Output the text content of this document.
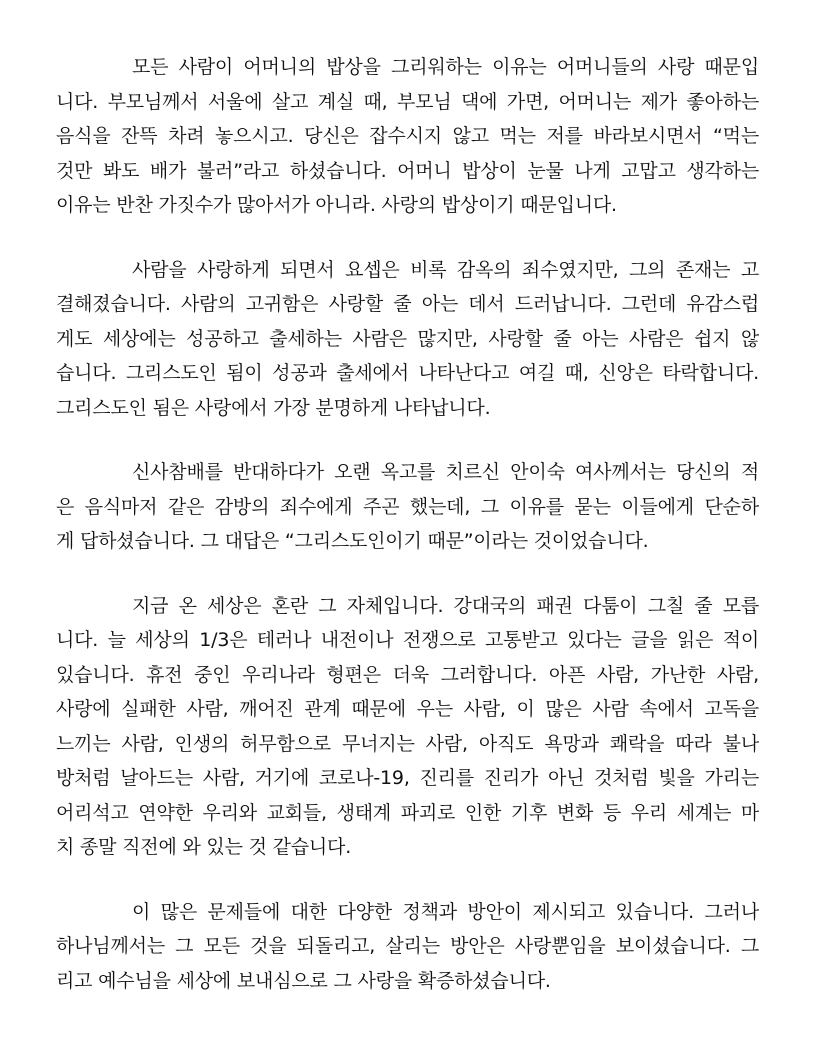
모든 사람이 어머니의 밥상을 그리워하는 이유는 어머니들의 사랑 때문입
니다. 부모님께서 서울에 살고 계실 때, 부모님 댁에 가면, 어머니는 제가 좋아하는
음식을 잔뜩 차려 놓으시고. 당신은 잡수시지 않고 먹는 저를 바라보시면서 “먹는
것만 봐도 배가 불러”라고 하셨습니다. 어머니 밥상이 눈물 나게 고맙고 생각하는
이유는 반찬 가짓수가 많아서가 아니라. 사랑의 밥상이기 때문입니다.
사람을 사랑하게 되면서 요셉은 비록 감옥의 죄수였지만, 그의 존재는 고
결해졌습니다. 사람의 고귀함은 사랑할 줄 아는 데서 드러납니다. 그런데 유감스럽
게도 세상에는 성공하고 출세하는 사람은 많지만, 사랑할 줄 아는 사람은 쉽지 않
습니다. 그리스도인 됨이 성공과 출세에서 나타난다고 여길 때, 신앙은 타락합니다.
그리스도인 됨은 사랑에서 가장 분명하게 나타납니다.
신사참배를 반대하다가 오랜 옥고를 치르신 안이숙 여사께서는 당신의 적
은 음식마저 같은 감방의 죄수에게 주곤 했는데, 그 이유를 묻는 이들에게 단순하
게 답하셨습니다. 그 대답은 “그리스도인이기 때문”이라는 것이었습니다.
지금 온 세상은 혼란 그 자체입니다. 강대국의 패권 다툼이 그칠 줄 모릅
니다. 늘 세상의 1/3은 테러나 내전이나 전쟁으로 고통받고 있다는 글을 읽은 적이
있습니다. 휴전 중인 우리나라 형편은 더욱 그러합니다. 아픈 사람, 가난한 사람,
사랑에 실패한 사람, 깨어진 관계 때문에 우는 사람, 이 많은 사람 속에서 고독을
느끼는 사람, 인생의 허무함으로 무너지는 사람, 아직도 욕망과 쾌락을 따라 불나
방처럼 날아드는 사람, 거기에 코로나-19, 진리를 진리가 아닌 것처럼 빛을 가리는
어리석고 연약한 우리와 교회들, 생태계 파괴로 인한 기후 변화 등 우리 세계는 마
치 종말 직전에 와 있는 것 같습니다.
이 많은 문제들에 대한 다양한 정책과 방안이 제시되고 있습니다. 그러나
하나님께서는 그 모든 것을 되돌리고, 살리는 방안은 사랑뿐임을 보이셨습니다. 그
리고 예수님을 세상에 보내심으로 그 사랑을 확증하셨습니다.
